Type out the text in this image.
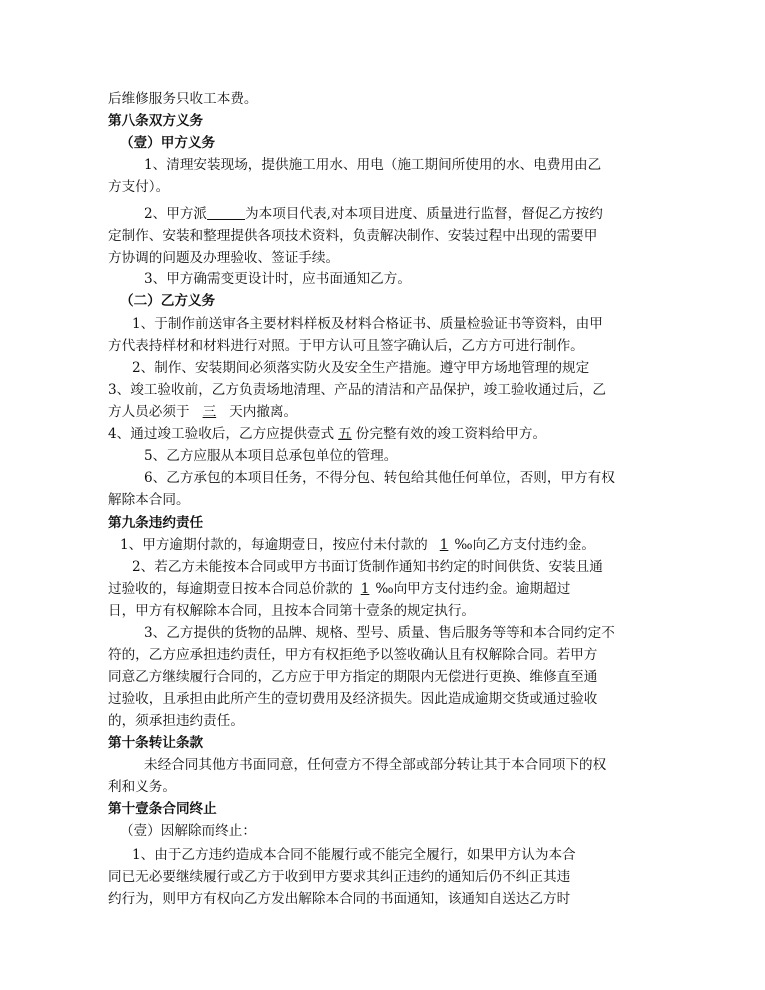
后维修服务只收工本费。
第八条双方义务
（壹）甲方义务
1、清理安装现场，提供施工用水、用电（施工期间所使用的水、电费用由乙
方支付）。
2、甲方派	为本项目代表,对本项目进度、质量进行监督，督促乙方按约
定制作、安装和整理提供各项技术资料，负责解决制作、安装过程中出现的需要甲
方协调的问题及办理验收、签证手续。
3、甲方确需变更设计时，应书面通知乙方。
（二）乙方义务
1、于制作前送审各主要材料样板及材料合格证书、质量检验证书等资料，由甲
方代表持样材和材料进行对照。于甲方认可且签字确认后，乙方方可进行制作。
2、制作、安装期间必须落实防火及安全生产措施。遵守甲方场地管理的规定
3、竣工验收前，乙方负责场地清理、产品的清洁和产品保护，竣工验收通过后，乙
方人员必须于 三 天内撤离。
4、通过竣工验收后，乙方应提供壹式 五 份完整有效的竣工资料给甲方。
5、乙方应服从本项目总承包单位的管理。
6、乙方承包的本项目任务，不得分包、转包给其他任何单位，否则，甲方有权
解除本合同。
第九条违约责任
1、甲方逾期付款的，每逾期壹日，按应付未付款的 1 ‰向乙方支付违约金。
2、若乙方未能按本合同或甲方书面订货制作通知书约定的时间供货、安装且通
过验收的，每逾期壹日按本合同总价款的 1 ‰向甲方支付违约金。逾期超过
日，甲方有权解除本合同，且按本合同第十壹条的规定执行。
3、乙方提供的货物的品牌、规格、型号、质量、售后服务等等和本合同约定不
符的，乙方应承担违约责任，甲方有权拒绝予以签收确认且有权解除合同。若甲方
同意乙方继续履行合同的，乙方应于甲方指定的期限内无偿进行更换、维修直至通
过验收，且承担由此所产生的壹切费用及经济损失。因此造成逾期交货或通过验收
的，须承担违约责任。
第十条转让条款
未经合同其他方书面同意，任何壹方不得全部或部分转让其于本合同项下的权
利和义务。
第十壹条合同终止
（壹）因解除而终止：
1、由于乙方违约造成本合同不能履行或不能完全履行，如果甲方认为本合
同已无必要继续履行或乙方于收到甲方要求其纠正违约的通知后仍不纠正其违
约行为，则甲方有权向乙方发出解除本合同的书面通知，该通知自送达乙方时
